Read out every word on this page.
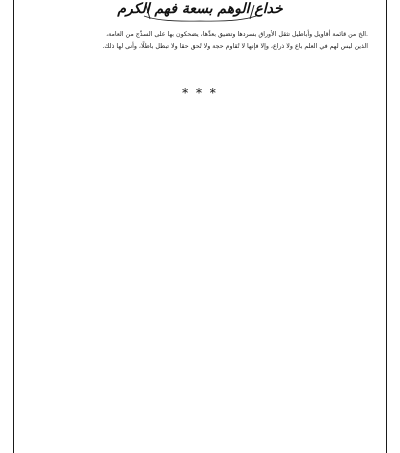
خداع الوهم بسعة فهم الكرم
.الخ من قائمة أقاويل وأباطيل تثقل الأوراق بسردها وتضيق بعدِّها، يضحكون بها على السذّج من العامة،
الذين ليس لهم في العلم باع ولا ذراع، وإلا فإنها لا تُقاوم حجة ولا تُحق حقا ولا تبطل باطلًا، وأنى لها ذلك.
* * *
